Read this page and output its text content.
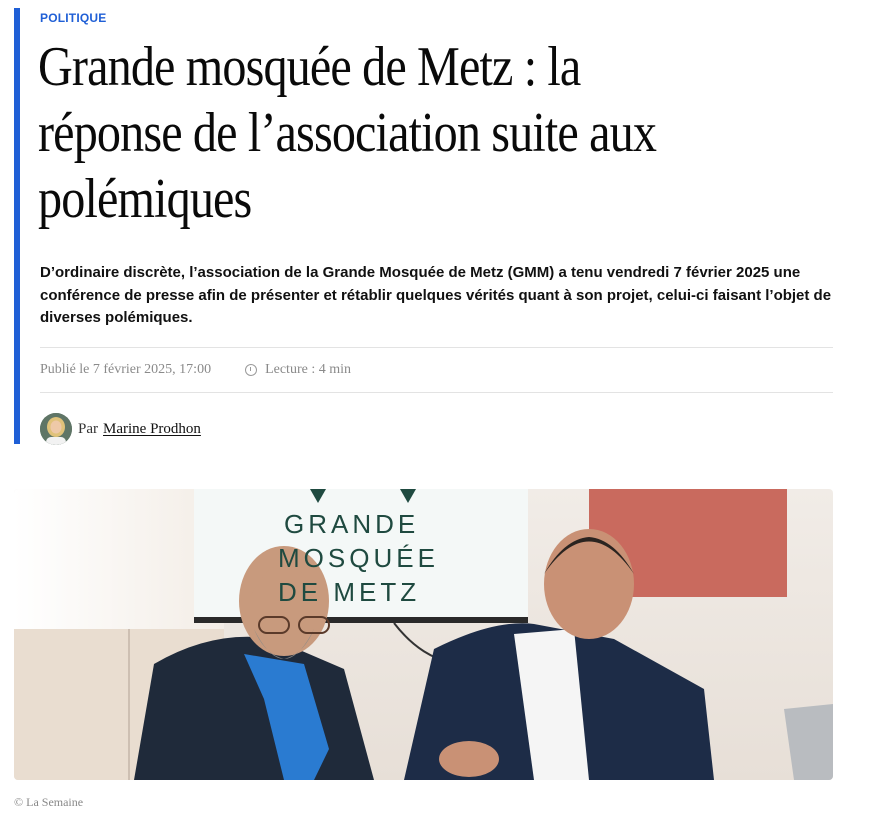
POLITIQUE
Grande mosquée de Metz : la réponse de l’association suite aux polémiques

D’ordinaire discrète, l’association de la Grande Mosquée de Metz (GMM) a tenu vendredi 7 février 2025 une conférence de presse afin de présenter et rétablir quelques vérités quant à son projet, celui-ci faisant l’objet de diverses polémiques.

Publié le 7 février 2025, 17:00	Lecture : 4 min
Par Marine Prodhon
GRANDE
MOSQUÉE
DE METZ
© La Semaine
